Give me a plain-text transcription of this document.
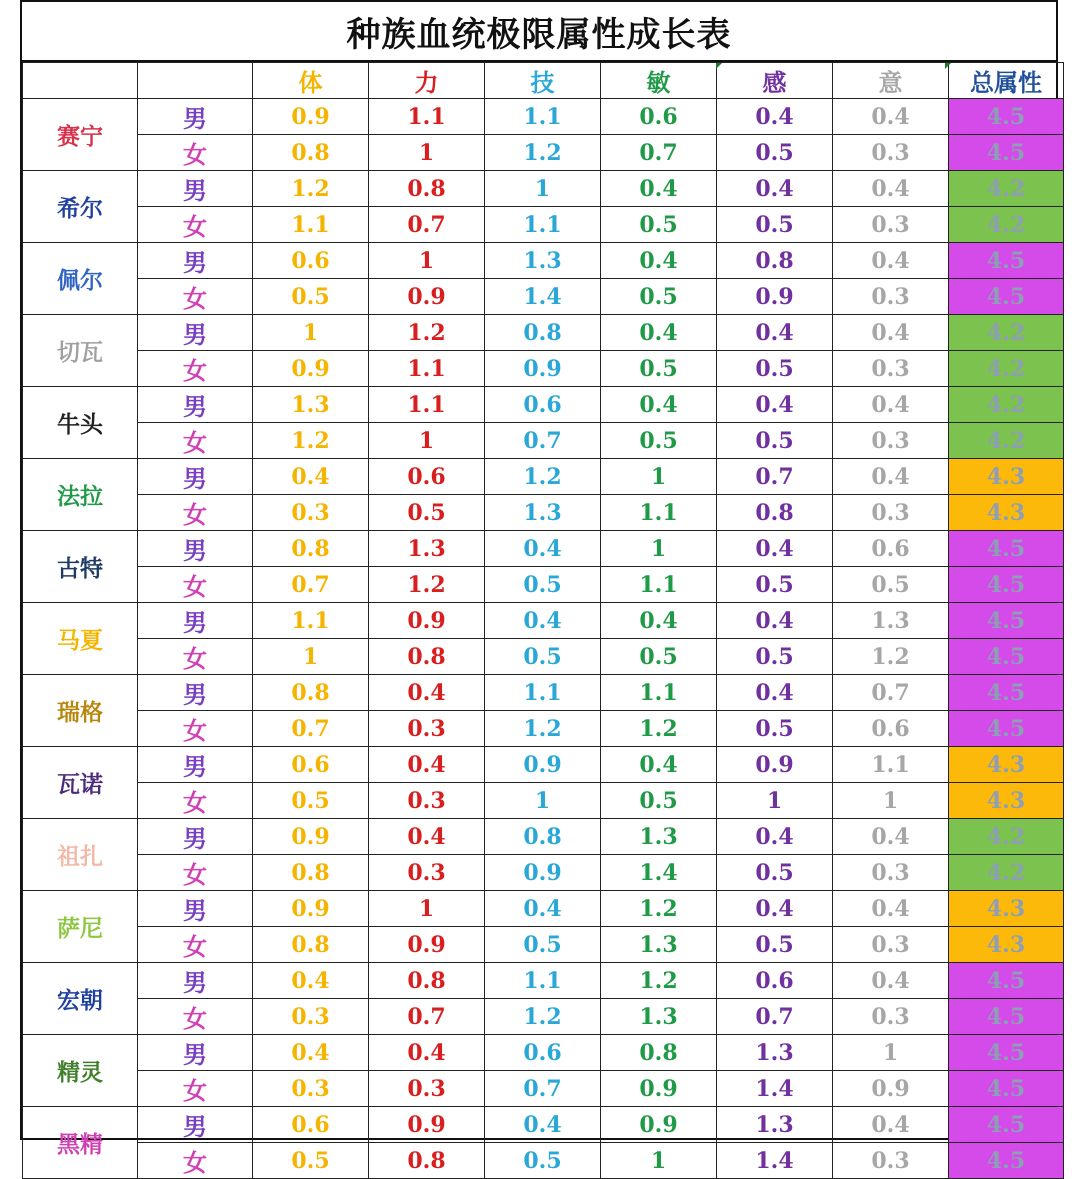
种族血统极限属性成长表
		体	力	技	敏	感	意	总属性
赛宁	男	0.9	1.1	1.1	0.6	0.4	0.4	4.5
	女	0.8	1	1.2	0.7	0.5	0.3	4.5
希尔	男	1.2	0.8	1	0.4	0.4	0.4	4.2
	女	1.1	0.7	1.1	0.5	0.5	0.3	4.2
佩尔	男	0.6	1	1.3	0.4	0.8	0.4	4.5
	女	0.5	0.9	1.4	0.5	0.9	0.3	4.5
切瓦	男	1	1.2	0.8	0.4	0.4	0.4	4.2
	女	0.9	1.1	0.9	0.5	0.5	0.3	4.2
牛头	男	1.3	1.1	0.6	0.4	0.4	0.4	4.2
	女	1.2	1	0.7	0.5	0.5	0.3	4.2
法拉	男	0.4	0.6	1.2	1	0.7	0.4	4.3
	女	0.3	0.5	1.3	1.1	0.8	0.3	4.3
古特	男	0.8	1.3	0.4	1	0.4	0.6	4.5
	女	0.7	1.2	0.5	1.1	0.5	0.5	4.5
马夏	男	1.1	0.9	0.4	0.4	0.4	1.3	4.5
	女	1	0.8	0.5	0.5	0.5	1.2	4.5
瑞格	男	0.8	0.4	1.1	1.1	0.4	0.7	4.5
	女	0.7	0.3	1.2	1.2	0.5	0.6	4.5
瓦诺	男	0.6	0.4	0.9	0.4	0.9	1.1	4.3
	女	0.5	0.3	1	0.5	1	1	4.3
祖扎	男	0.9	0.4	0.8	1.3	0.4	0.4	4.2
	女	0.8	0.3	0.9	1.4	0.5	0.3	4.2
萨尼	男	0.9	1	0.4	1.2	0.4	0.4	4.3
	女	0.8	0.9	0.5	1.3	0.5	0.3	4.3
宏朝	男	0.4	0.8	1.1	1.2	0.6	0.4	4.5
	女	0.3	0.7	1.2	1.3	0.7	0.3	4.5
精灵	男	0.4	0.4	0.6	0.8	1.3	1	4.5
	女	0.3	0.3	0.7	0.9	1.4	0.9	4.5
黑精	男	0.6	0.9	0.4	0.9	1.3	0.4	4.5
	女	0.5	0.8	0.5	1	1.4	0.3	4.5
